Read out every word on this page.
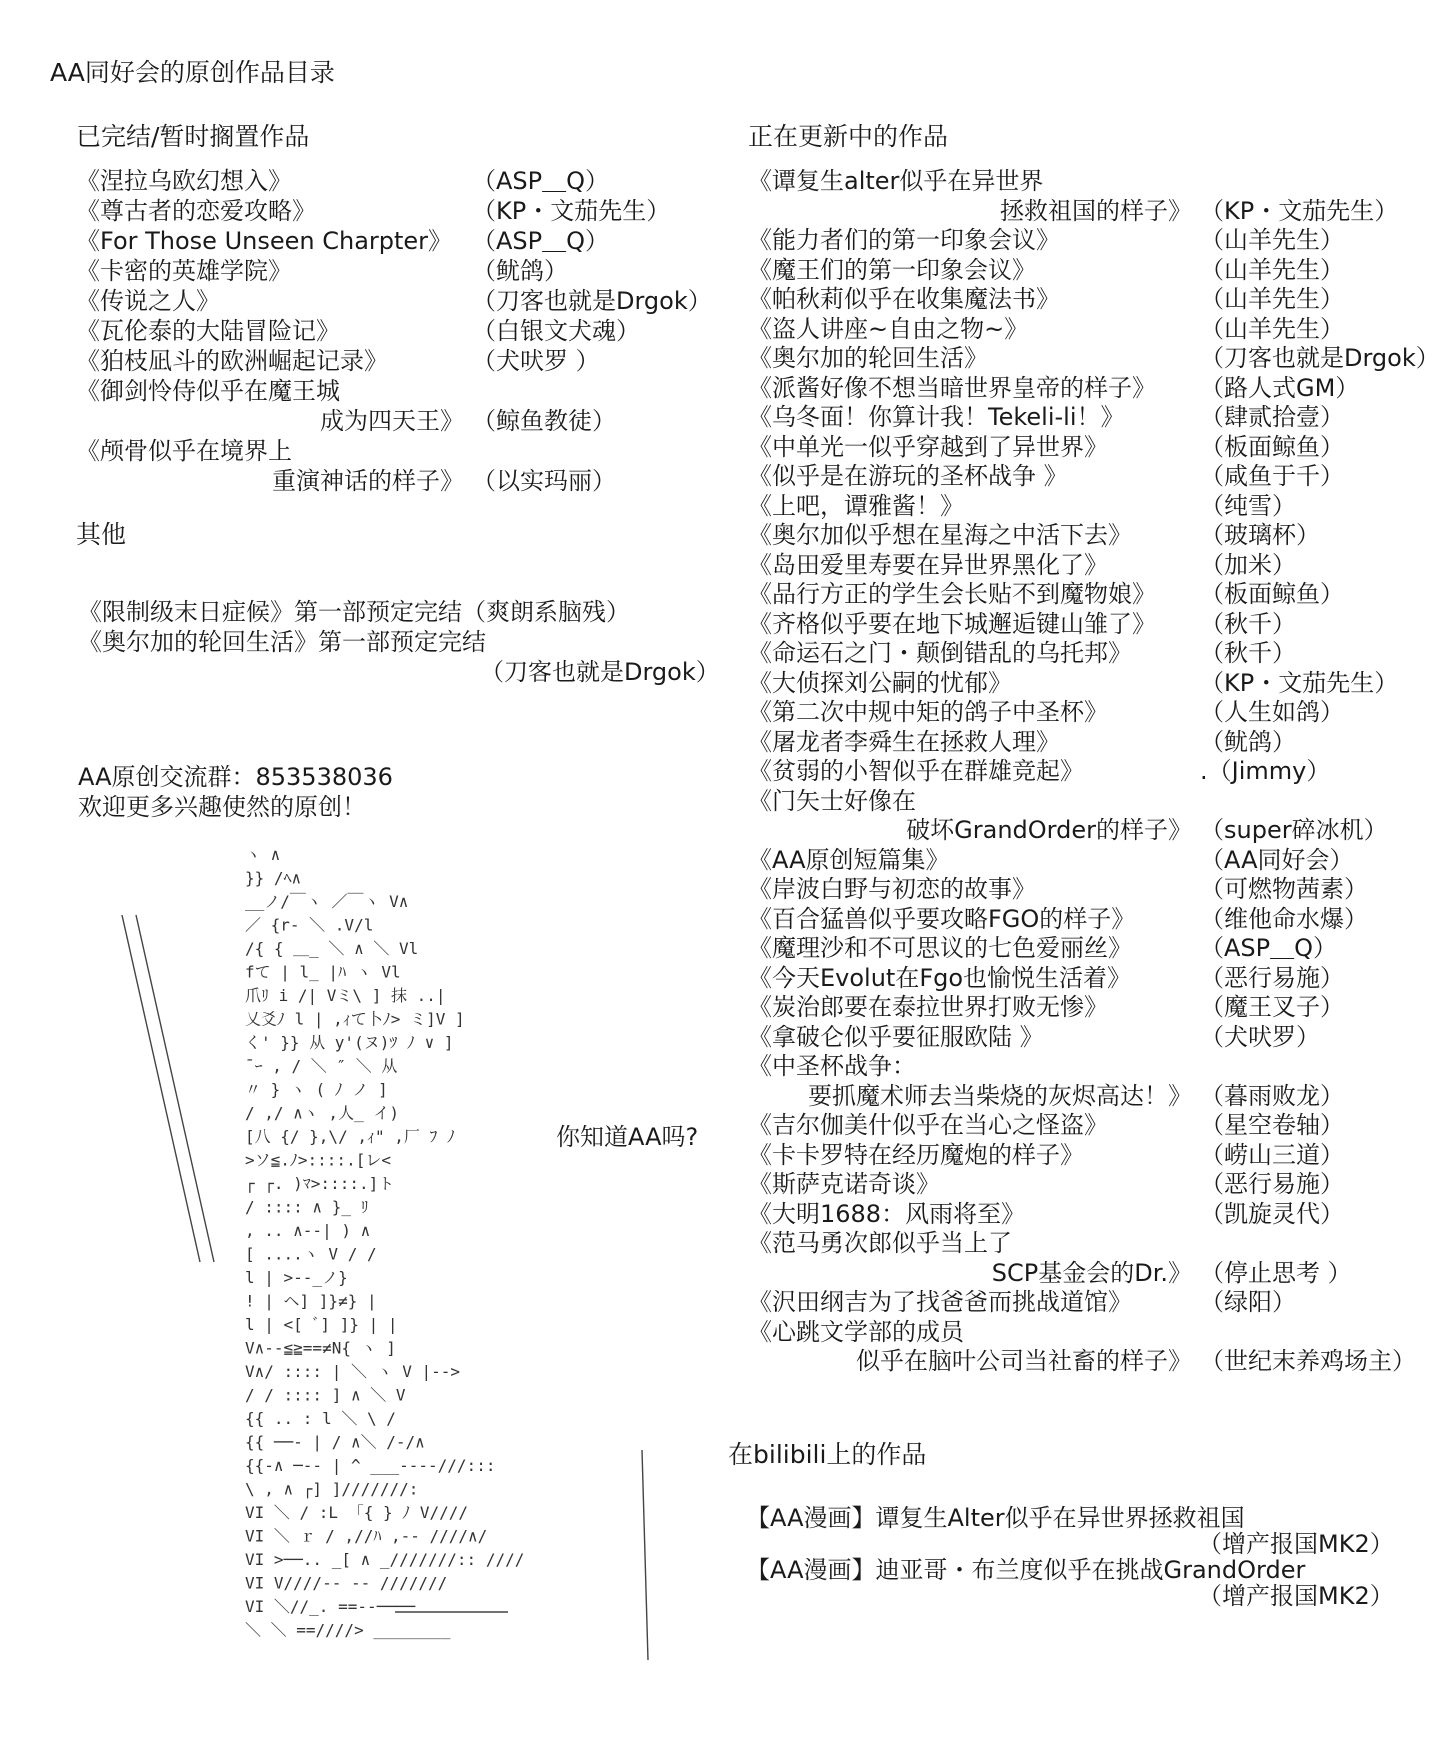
AA同好会的原创作品目录
已完结/暂时搁置作品
《涅拉乌欧幻想入》	（ASP＿Q）
《尊古者的恋爱攻略》	（KP・文茄先生）
《For Those Unseen Charpter》 （ASP＿Q）
《卡密的英雄学院》	（鱿鸽）
《传说之人》	（刀客也就是Drgok）
《瓦伦泰的大陆冒险记》	（白银文犬魂）
《狛枝凪斗的欧洲崛起记录》	（犬吠罗 ）
《御剑怜侍似乎在魔王城
成为四天王》 （鲸鱼教徒）
《颅骨似乎在境界上
重演神话的样子》 （以实玛丽）
其他
《限制级末日症候》第一部预定完结（爽朗系脑残）
《奥尔加的轮回生活》第一部预定完结
（刀客也就是Drgok）
AA原创交流群：853538036
欢迎更多兴趣使然的原创！
ヽ ∧
}} /ﾍ∧
__ノ/￣ヽ ／￣ヽ V∧
／ {r‐ ＼ .V/l
/{ { ＿_ ＼ ∧ ＼ Vl
fて | l_ |ﾊ ヽ Vl
爪ﾘ i /| Vミ\ ] 抹 ..|
乂爻ﾉ l | ,ｨて卜ﾉ> ミ]V ]
く' }} 从 y'(ヌ)ﾂ ﾉ ∨ ]
̄ ｰ , / ＼ ″ ＼ 从
〃 } ヽ ( ﾉ ノ ]
/ ,/ ∧ヽ ,人_ イ)
[八 {/ },\/ ,ｨ" ,厂 ﾌ ﾉ
>ソ≦.ﾉ>::::.[レ<
┌ ┌. )ﾏ>::::.]ト
/ :::: ∧ }_ ﾘ
, .. ∧‐‐| ) ∧
[ ....ヽ V / /
l | >‐‐_ノ}
! | ヘ] ]}≠} |
l | <[ ﾞ] ]} | |
V∧‐‐≦≧==≠N{ ヽ ]
V∧/ :::: | ＼ ヽ V |‐‐>
/ / :::: ] ∧ ＼ V
{{ .. : l ＼ \ /
{{ ──‐ | / ∧＼ /‐/∧
{{‐∧ ─‐‐ | ^ ___‐‐‐‐///:::
\ , ∧ ┌] ]///////:
VI ＼ / :L 「{ } ﾉ V////
VI ＼ ｒ / ,//ﾊ ,‐‐ ////∧/
VI >──.. _[ ∧ _///////:: ////
VI V////‐‐ ‐‐ ///////
VI ＼//_. ==‐‐────
＼ ＼ ==////> ________
你知道AA吗?
正在更新中的作品
《谭复生alter似乎在异世界
拯救祖国的样子》 （KP・文茄先生）
《能力者们的第一印象会议》	（山羊先生）
《魔王们的第一印象会议》	（山羊先生）
《帕秋莉似乎在收集魔法书》	（山羊先生）
《盗人讲座~自由之物~》	（山羊先生）
《奥尔加的轮回生活》	（刀客也就是Drgok）
《派酱好像不想当暗世界皇帝的样子》 （路人式GM）
《乌冬面！你算计我！Tekeli-li！》	（肆贰拾壹）
《中单光一似乎穿越到了异世界》	（板面鲸鱼）
《似乎是在游玩的圣杯战争 》	（咸鱼于千）
《上吧，谭雅酱！》	（纯雪）
《奥尔加似乎想在星海之中活下去》	（玻璃杯）
《岛田爱里寿要在异世界黑化了》	（加米）
《品行方正的学生会长贴不到魔物娘》 （板面鲸鱼）
《齐格似乎要在地下城邂逅键山雏了》 （秋千）
《命运石之门・颠倒错乱的乌托邦》	（秋千）
《大侦探刘公嗣的忧郁》	（KP・文茄先生）
《第二次中规中矩的鸽子中圣杯》	（人生如鸽）
《屠龙者李舜生在拯救人理》	（鱿鸽）
《贫弱的小智似乎在群雄竞起》	.（Jimmy）
《门矢士好像在
破坏GrandOrder的样子》 （super碎冰机）
《AA原创短篇集》	（AA同好会）
《岸波白野与初恋的故事》	（可燃物茜素）
《百合猛兽似乎要攻略FGO的样子》	（维他命水爆）
《魔理沙和不可思议的七色爱丽丝》	（ASP＿Q）
《今天Evolut在Fgo也愉悦生活着》	（恶行易施）
《炭治郎要在泰拉世界打败无惨》	（魔王叉子）
《拿破仑似乎要征服欧陆 》	（犬吠罗）
《中圣杯战争：
要抓魔术师去当柴烧的灰烬高达！》 （暮雨败龙）
《吉尔伽美什似乎在当心之怪盗》	（星空卷轴）
《卡卡罗特在经历魔炮的样子》	（崂山三道）
《斯萨克诺奇谈》	（恶行易施）
《大明1688：风雨将至》	（凯旋灵代）
《范马勇次郎似乎当上了
SCP基金会的Dr.》 （停止思考 ）
《沢田纲吉为了找爸爸而挑战道馆》	（绿阳）
《心跳文学部的成员
似乎在脑叶公司当社畜的样子》 （世纪末养鸡场主）
在bilibili上的作品
【AA漫画】谭复生Alter似乎在异世界拯救祖国
（增产报国MK2）
【AA漫画】迪亚哥・布兰度似乎在挑战GrandOrder
（增产报国MK2）
